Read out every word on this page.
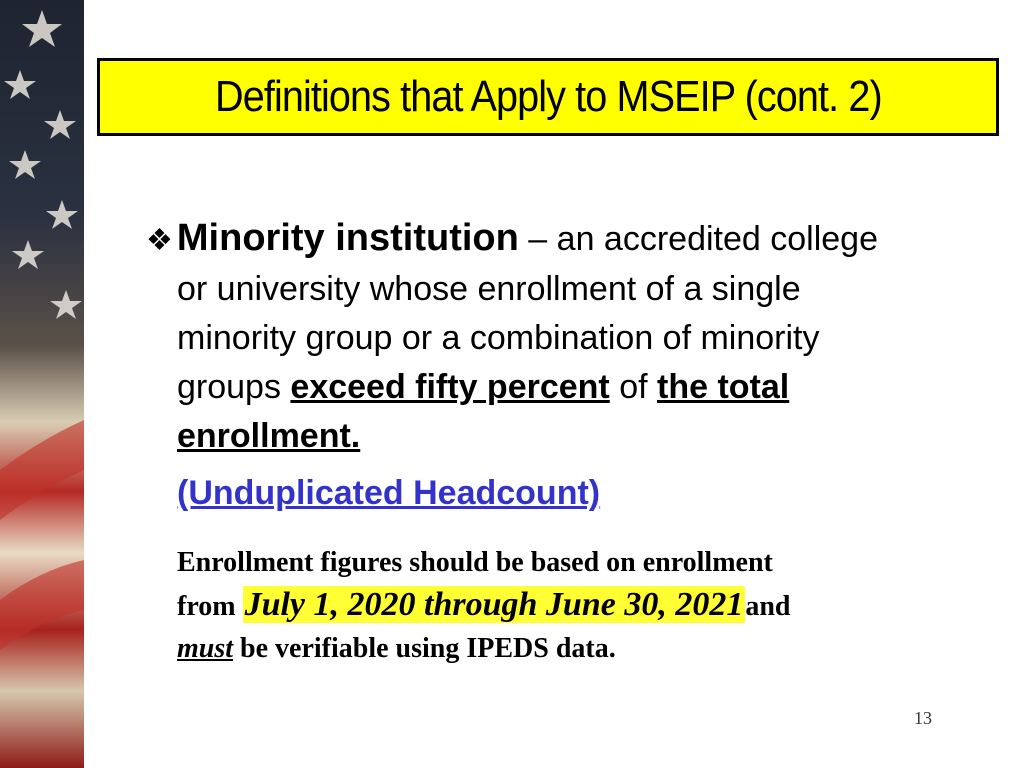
Definitions that Apply to MSEIP (cont. 2)
❖ Minority institution – an accredited college
or university whose enrollment of a single
minority group or a combination of minority
groups exceed fifty percent of the total
enrollment.
(Unduplicated Headcount)
Enrollment figures should be based on enrollment
from July 1, 2020 through June 30, 2021and
must be verifiable using IPEDS data.
13
